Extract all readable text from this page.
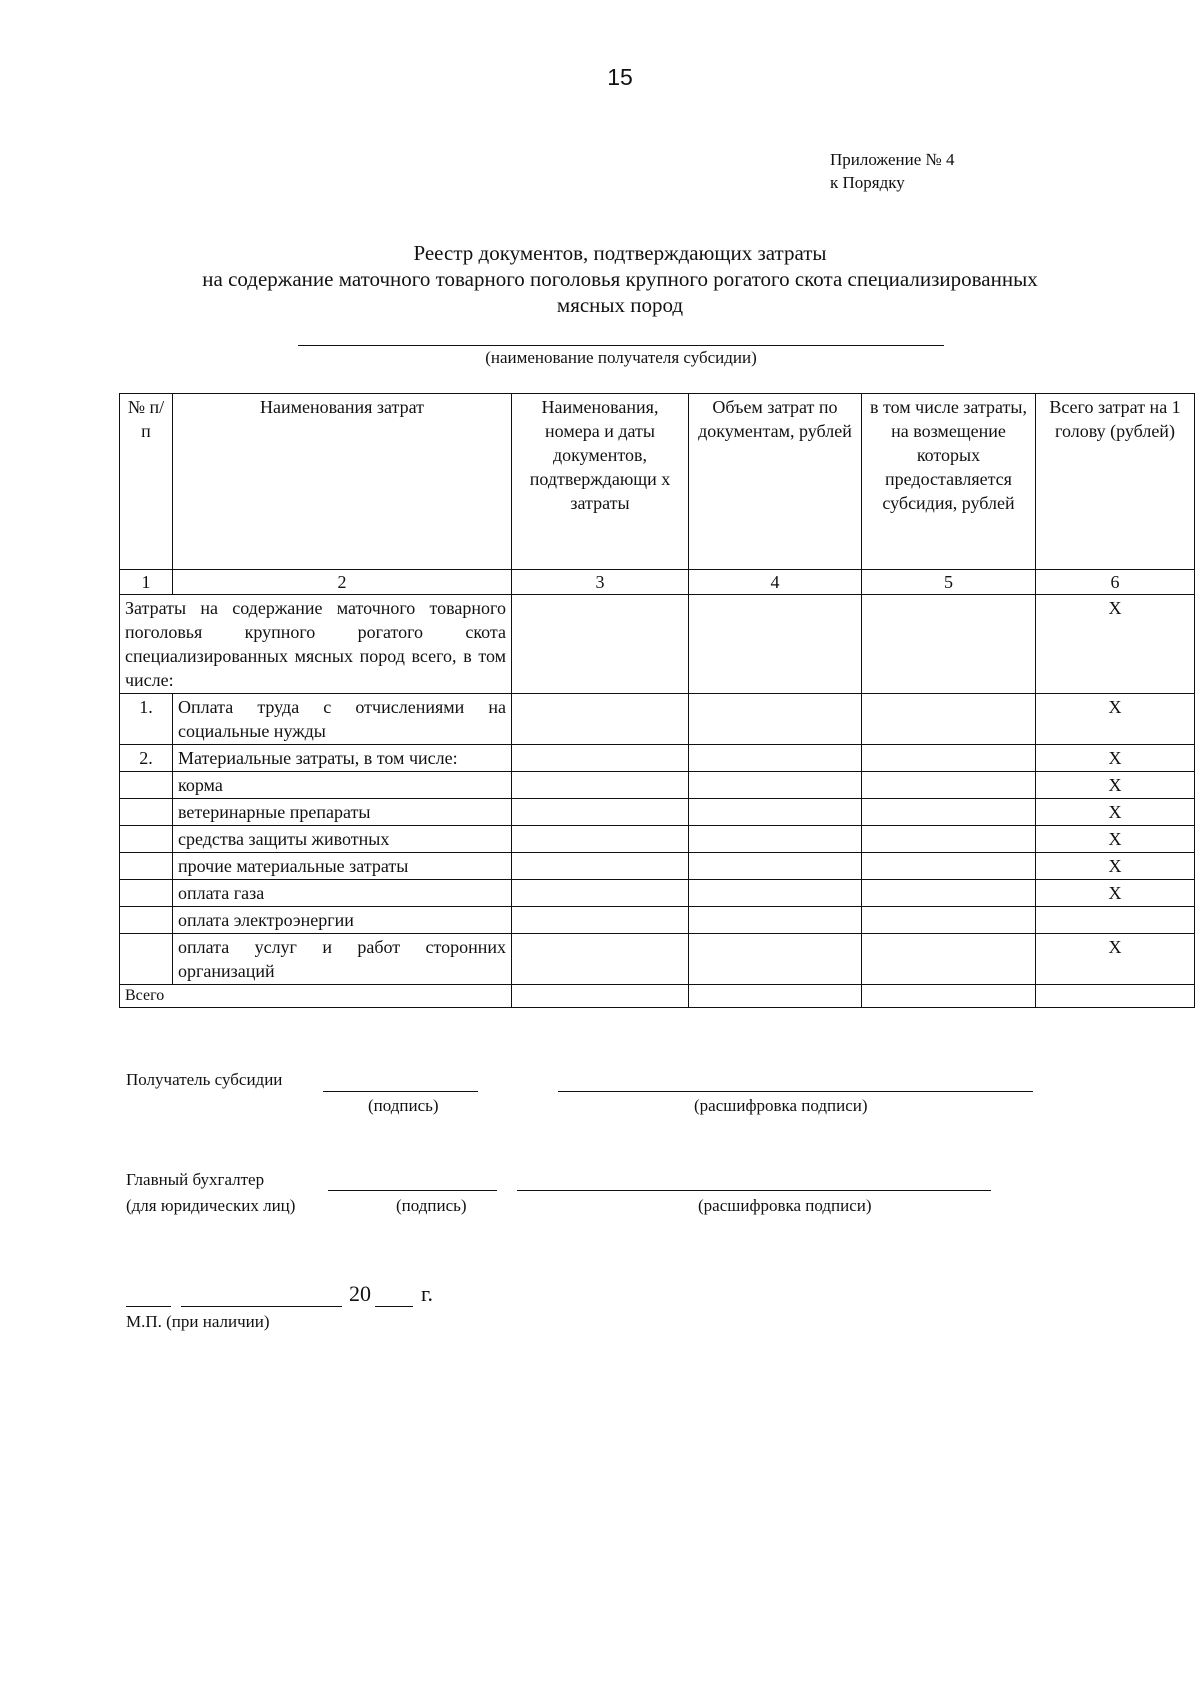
15
Приложение № 4
к Порядку
Реестр документов, подтверждающих затраты
на содержание маточного товарного поголовья крупного рогатого скота специализированных
мясных пород
(наименование получателя субсидии)
№ п/п	Наименования затрат	Наименования, номера и даты документов, подтверждающи х затраты	Объем затрат по документам, рублей	в том числе затраты, на возмещение которых предоставляется субсидия, рублей	Всего затрат на 1 голову (рублей)
1	2	3	4	5	6
Затраты на содержание маточного товарного поголовья крупного рогатого скота специализированных мясных пород всего, в том числе:					X
1.	Оплата труда с отчислениями на социальные нужды				X
2.	Материальные затраты, в том числе:				X
	корма				X
	ветеринарные препараты				X
	средства защиты животных				X
	прочие материальные затраты				X
	оплата газа				X
	оплата электроэнергии				
	оплата услуг и работ сторонних организаций				X
Всего					
Получатель субсидии
(подпись)	(расшифровка подписи)
Главный бухгалтер
(для юридических лиц)	(подпись)	(расшифровка подписи)
20 г.
М.П. (при наличии)
